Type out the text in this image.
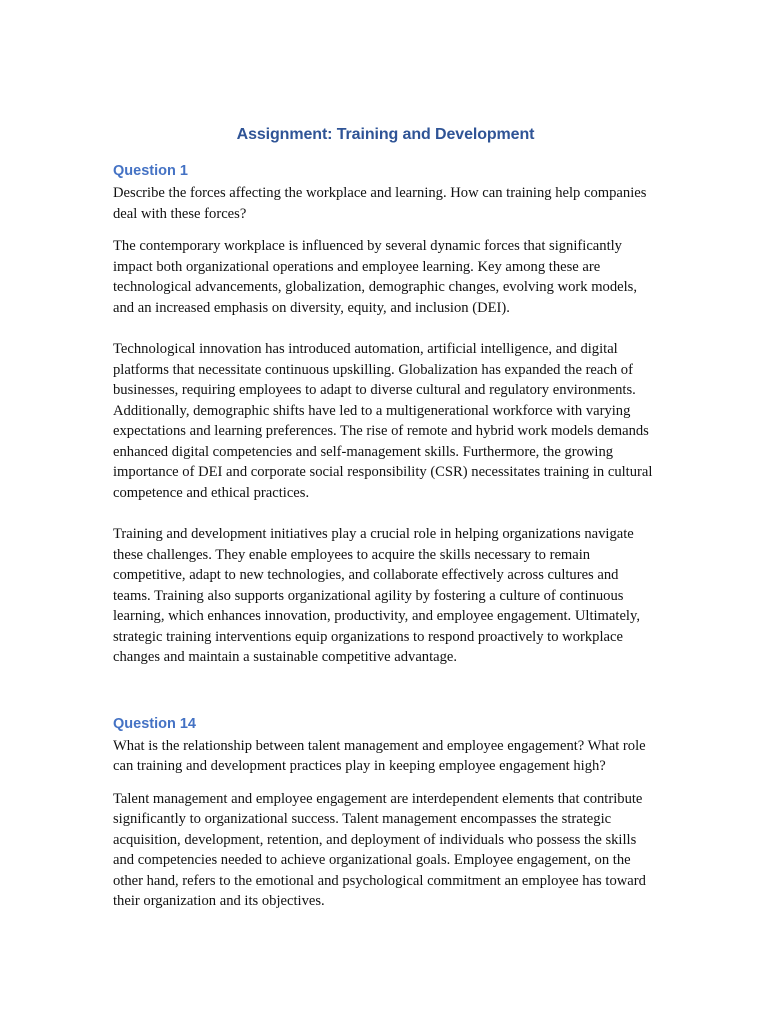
Assignment: Training and Development
Question 1

Describe the forces affecting the workplace and learning. How can training help companies deal with these forces?

The contemporary workplace is influenced by several dynamic forces that significantly impact both organizational operations and employee learning. Key among these are technological advancements, globalization, demographic changes, evolving work models, and an increased emphasis on diversity, equity, and inclusion (DEI).

Technological innovation has introduced automation, artificial intelligence, and digital platforms that necessitate continuous upskilling. Globalization has expanded the reach of businesses, requiring employees to adapt to diverse cultural and regulatory environments. Additionally, demographic shifts have led to a multigenerational workforce with varying expectations and learning preferences. The rise of remote and hybrid work models demands enhanced digital competencies and self-management skills. Furthermore, the growing importance of DEI and corporate social responsibility (CSR) necessitates training in cultural competence and ethical practices.

Training and development initiatives play a crucial role in helping organizations navigate these challenges. They enable employees to acquire the skills necessary to remain competitive, adapt to new technologies, and collaborate effectively across cultures and teams. Training also supports organizational agility by fostering a culture of continuous learning, which enhances innovation, productivity, and employee engagement. Ultimately, strategic training interventions equip organizations to respond proactively to workplace changes and maintain a sustainable competitive advantage.

Question 14

What is the relationship between talent management and employee engagement? What role can training and development practices play in keeping employee engagement high?

Talent management and employee engagement are interdependent elements that contribute significantly to organizational success. Talent management encompasses the strategic acquisition, development, retention, and deployment of individuals who possess the skills and competencies needed to achieve organizational goals. Employee engagement, on the other hand, refers to the emotional and psychological commitment an employee has toward their organization and its objectives.
